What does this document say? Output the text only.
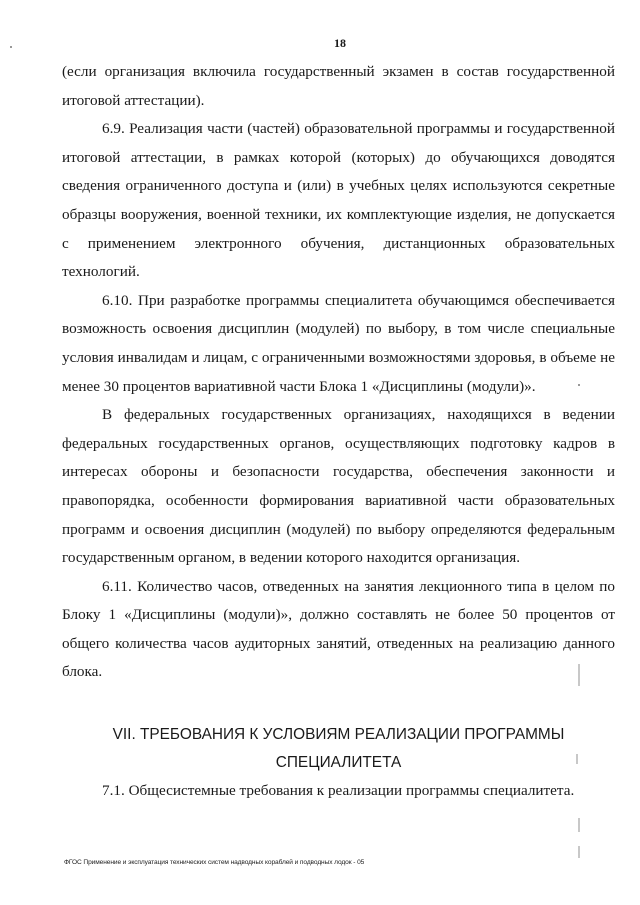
18

(если организация включила государственный экзамен в состав государственной итоговой аттестации).

6.9. Реализация части (частей) образовательной программы и государственной итоговой аттестации, в рамках которой (которых) до обучающихся доводятся сведения ограниченного доступа и (или) в учебных целях используются секретные образцы вооружения, военной техники, их комплектующие изделия, не допускается с применением электронного обучения, дистанционных образовательных технологий.

6.10. При разработке программы специалитета обучающимся обеспечивается возможность освоения дисциплин (модулей) по выбору, в том числе специальные условия инвалидам и лицам, с ограниченными возможностями здоровья, в объеме не менее 30 процентов вариативной части Блока 1 «Дисциплины (модули)».

В федеральных государственных организациях, находящихся в ведении федеральных государственных органов, осуществляющих подготовку кадров в интересах обороны и безопасности государства, обеспечения законности и правопорядка, особенности формирования вариативной части образовательных программ и освоения дисциплин (модулей) по выбору определяются федеральным государственным органом, в ведении которого находится организация.

6.11. Количество часов, отведенных на занятия лекционного типа в целом по Блоку 1 «Дисциплины (модули)», должно составлять не более 50 процентов от общего количества часов аудиторных занятий, отведенных на реализацию данного блока.

VII. ТРЕБОВАНИЯ К УСЛОВИЯМ РЕАЛИЗАЦИИ ПРОГРАММЫ
СПЕЦИАЛИТЕТА

7.1. Общесистемные требования к реализации программы специалитета.

ФГОС Применение и эксплуатация технических систем надводных кораблей и подводных лодок - 05
